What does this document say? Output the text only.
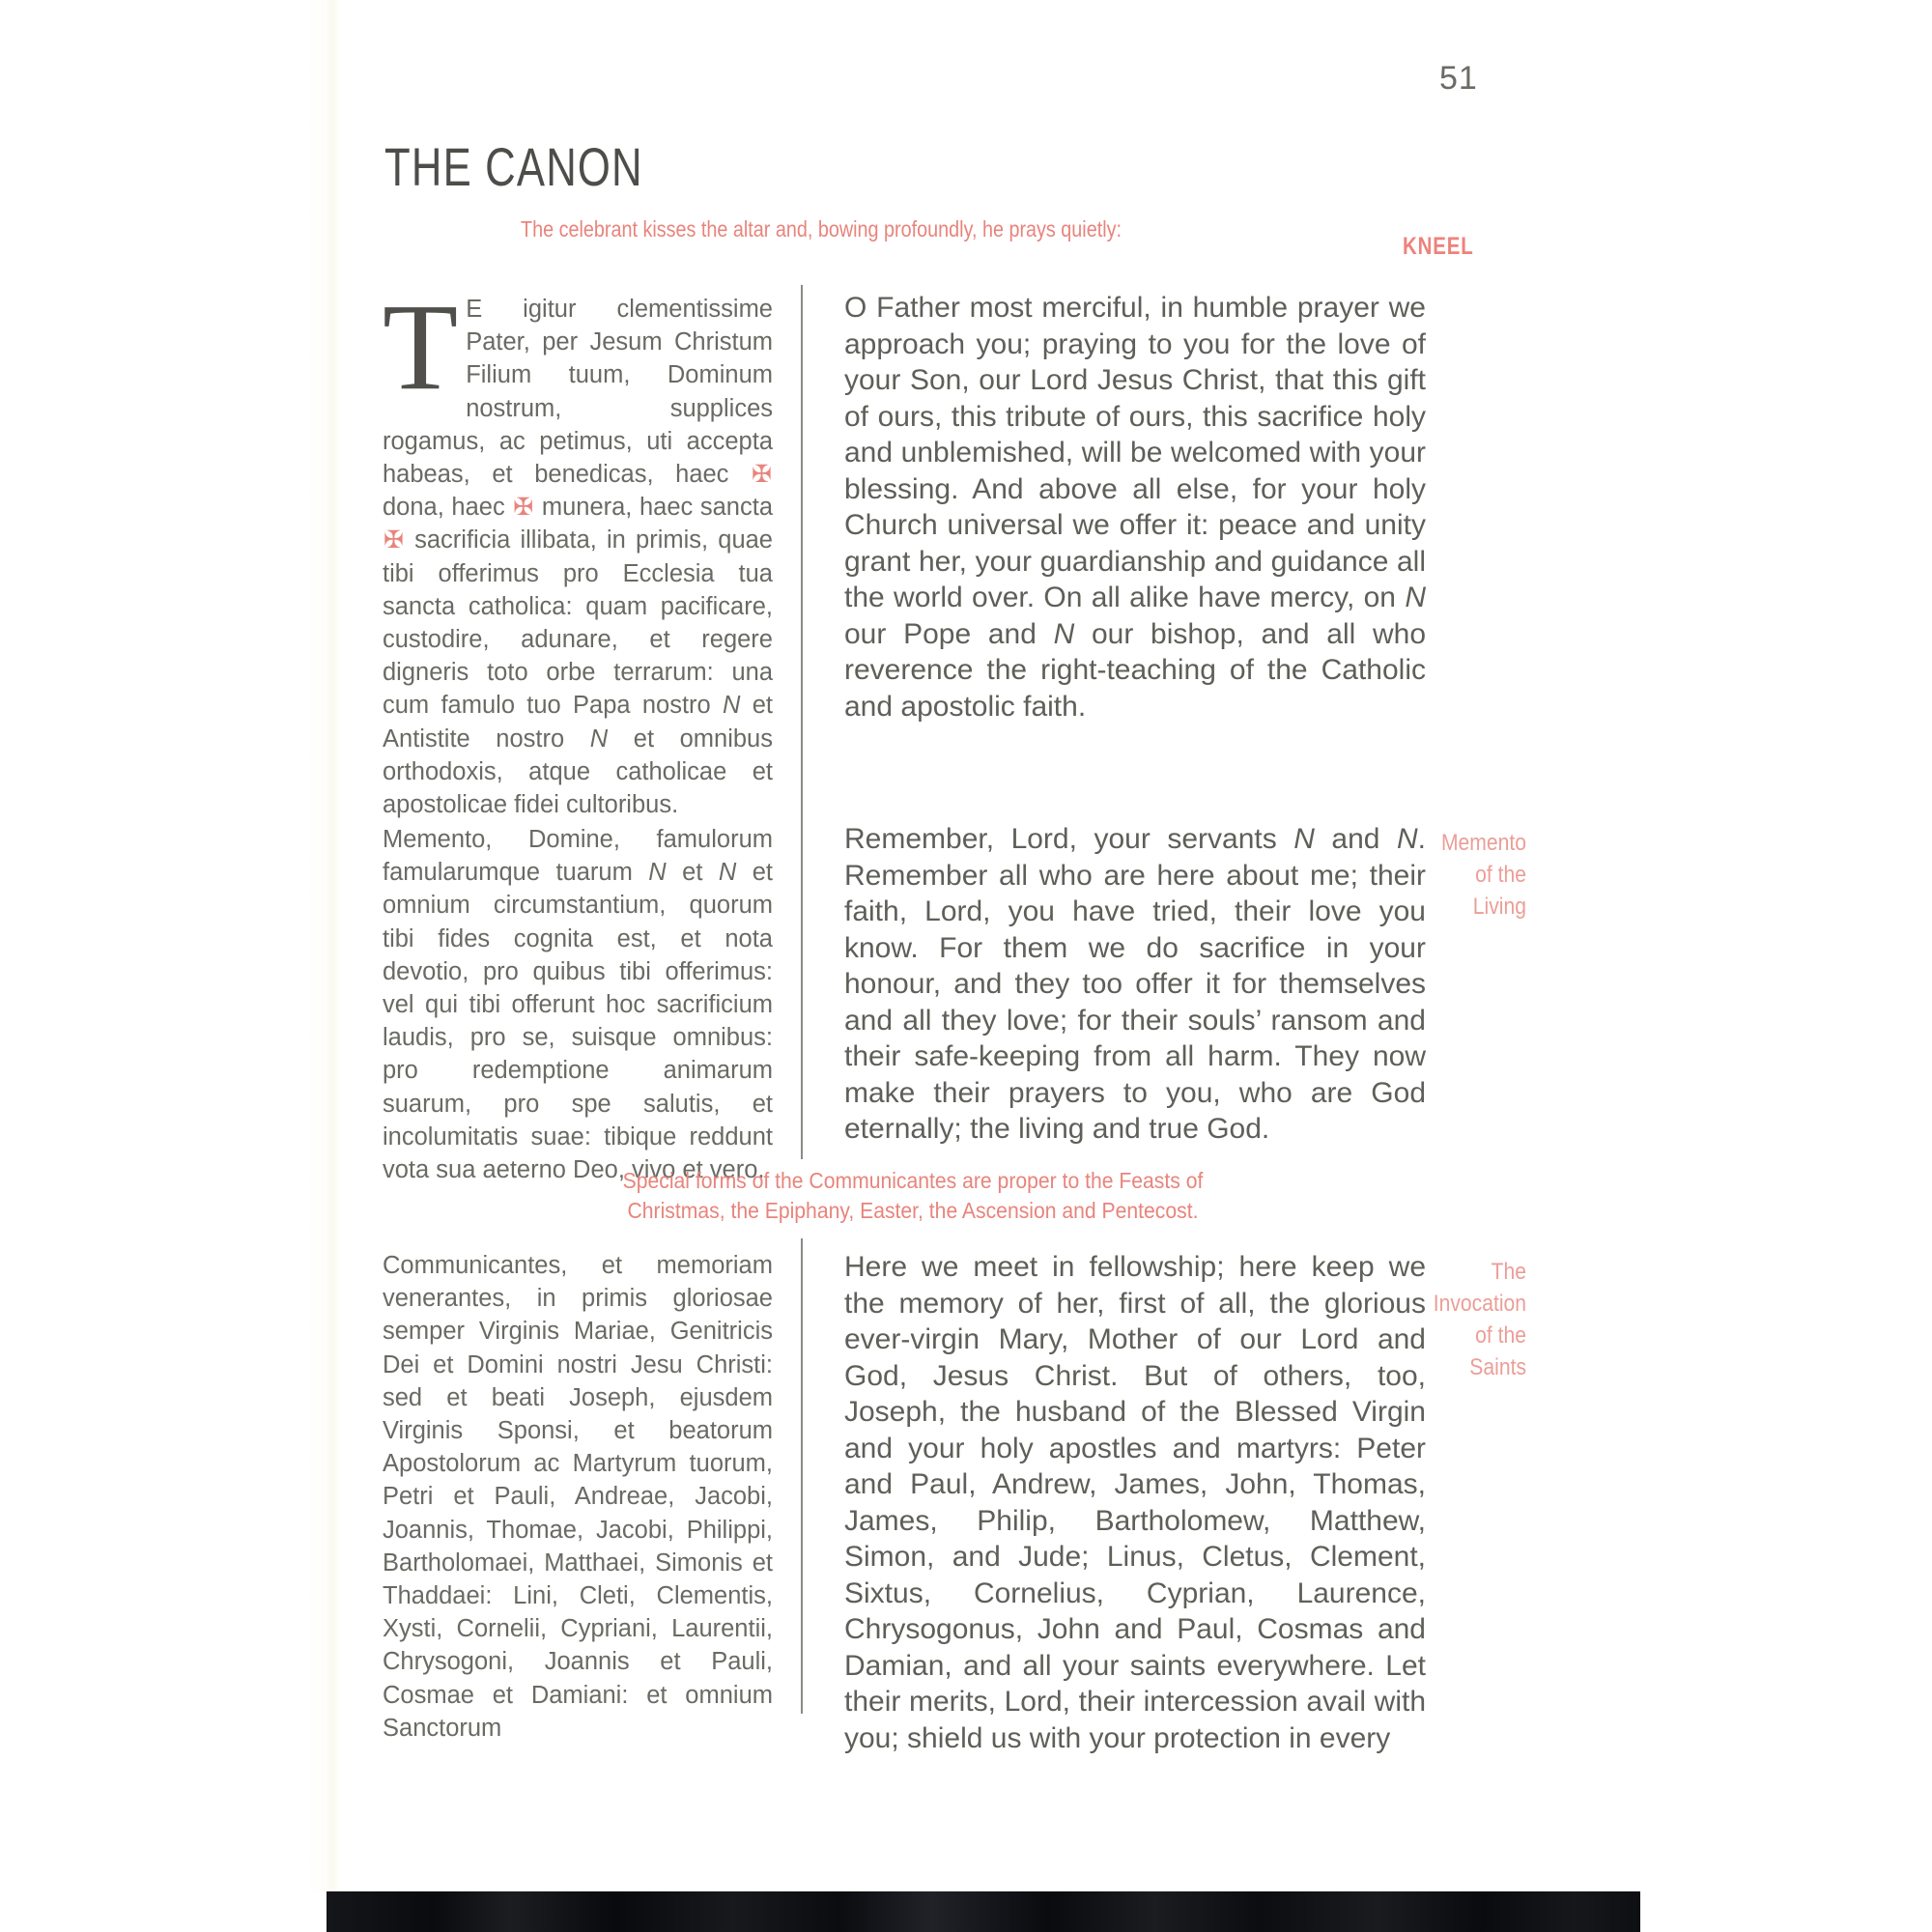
51
THE CANON
The celebrant kisses the altar and, bowing profoundly, he prays quietly:
KNEEL
T E igitur clementissime Pater, per Jesum Christum Filium tuum, Dominum nostrum, supplices rogamus, ac petimus, uti accepta habeas, et benedicas, haec ✠ dona, haec ✠ munera, haec sancta ✠ sacrificia illibata, in primis, quae tibi offerimus pro Ecclesia tua sancta catholica: quam pacificare, custodire, adunare, et regere digneris toto orbe terrarum: una cum famulo tuo Papa nostro N et Antistite nostro N et omnibus orthodoxis, atque catholicae et apostolicae fidei cultoribus.
Memento, Domine, famulorum famularumque tuarum N et N et omnium circumstantium, quorum tibi fides cognita est, et nota devotio, pro quibus tibi offerimus: vel qui tibi offerunt hoc sacrificium laudis, pro se, suisque omnibus: pro redemptione animarum suarum, pro spe salutis, et incolumitatis suae: tibique reddunt vota sua aeterno Deo, vivo et vero.
Communicantes, et memoriam venerantes, in primis gloriosae semper Virginis Mariae, Genitricis Dei et Domini nostri Jesu Christi: sed et beati Joseph, ejusdem Virginis Sponsi, et beatorum Apostolorum ac Martyrum tuorum, Petri et Pauli, Andreae, Jacobi, Joannis, Thomae, Jacobi, Philippi, Bartholomaei, Matthaei, Simonis et Thaddaei: Lini, Cleti, Clementis, Xysti, Cornelii, Cypriani, Laurentii, Chrysogoni, Joannis et Pauli, Cosmae et Damiani: et omnium Sanctorum
O Father most merciful, in humble prayer we approach you; praying to you for the love of your Son, our Lord Jesus Christ, that this gift of ours, this tribute of ours, this sacrifice holy and unblemished, will be welcomed with your blessing. And above all else, for your holy Church universal we offer it: peace and unity grant her, your guardianship and guidance all the world over. On all alike have mercy, on N our Pope and N our bishop, and all who reverence the right-teaching of the Catholic and apostolic faith.
Remember, Lord, your servants N and N. Remember all who are here about me; their faith, Lord, you have tried, their love you know. For them we do sacrifice in your honour, and they too offer it for themselves and all they love; for their souls’ ransom and their safe-keeping from all harm. They now make their prayers to you, who are God eternally; the living and true God.
Here we meet in fellowship; here keep we the memory of her, first of all, the glorious ever-virgin Mary, Mother of our Lord and God, Jesus Christ. But of others, too, Joseph, the husband of the Blessed Virgin and your holy apostles and martyrs: Peter and Paul, Andrew, James, John, Thomas, James, Philip, Bartholomew, Matthew, Simon, and Jude; Linus, Cletus, Clement, Sixtus, Cornelius, Cyprian, Laurence, Chrysogonus, John and Paul, Cosmas and Damian, and all your saints everywhere. Let their merits, Lord, their intercession avail with you; shield us with your protection in every
Memento
of the
Living
The
Invocation
of the
Saints
Special forms of the Communicantes are proper to the Feasts of
Christmas, the Epiphany, Easter, the Ascension and Pentecost.
